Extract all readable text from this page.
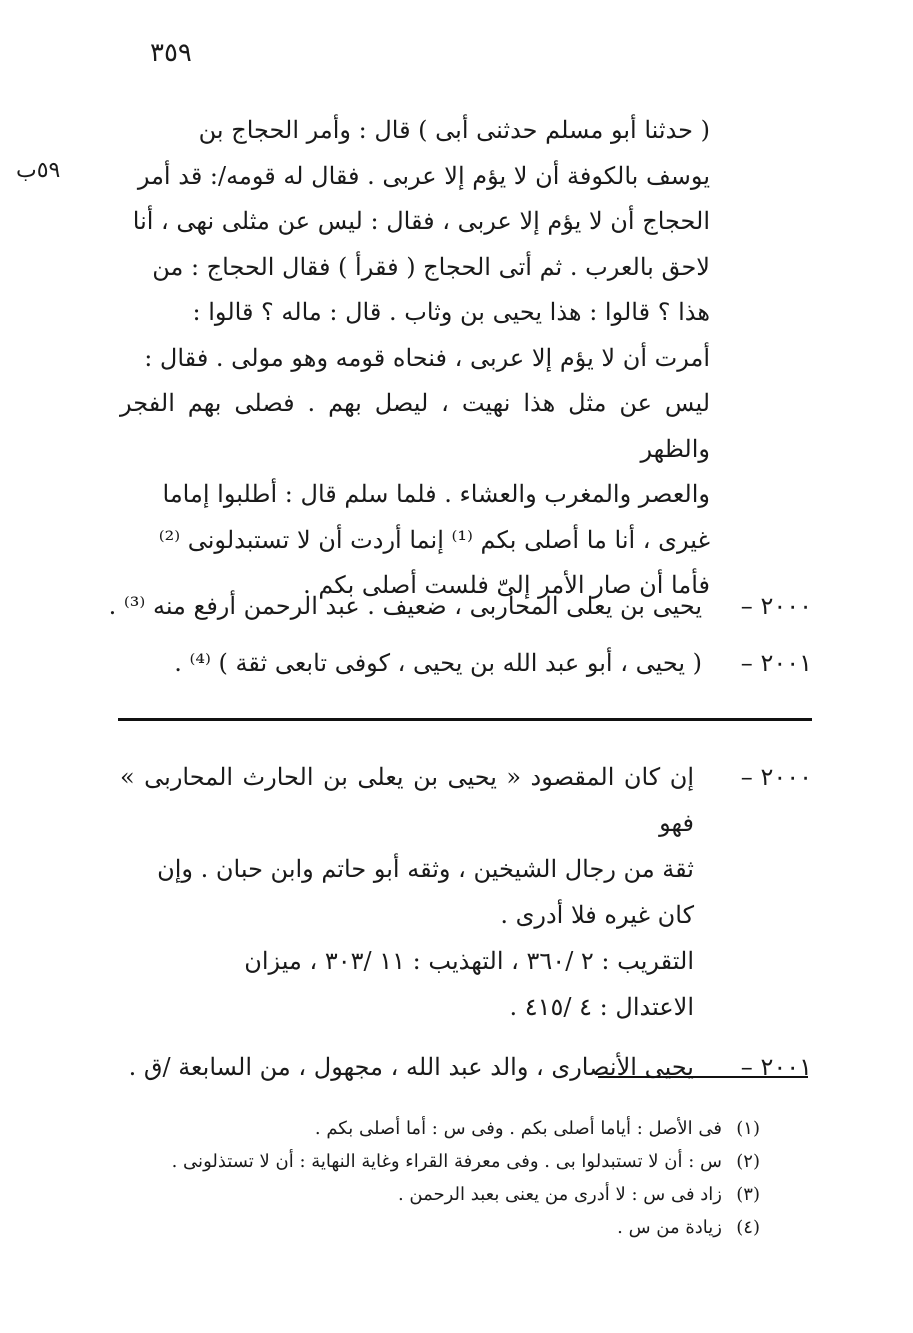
٣٥٩
٥٩ب
( حدثنا أبو مسلم حدثنى أبى ) قال : وأمر الحجاج بن
يوسف بالكوفة أن لا يؤم إلا عربى . فقال له قومه/: قد أمر
الحجاج أن لا يؤم إلا عربى ، فقال : ليس عن مثلى نهى ، أنا
لاحق بالعرب . ثم أتى الحجاج ( فقرأ ) فقال الحجاج : من
هذا ؟ قالوا : هذا يحيى بن وثاب . قال : ماله ؟ قالوا :
أمرت أن لا يؤم إلا عربى ، فنحاه قومه وهو مولى . فقال :
ليس عن مثل هذا نهيت ، ليصل بهم . فصلى بهم الفجر والظهر
والعصر والمغرب والعشاء . فلما سلم قال : أطلبوا إماما
غيرى ، أنا ما أصلى بكم ⁽¹⁾ إنما أردت أن لا تستبدلونى ⁽²⁾
فأما أن صار الأمر إلىّ فلست أصلى بكم .
٢٠٠٠ –يحيى بن يعلى المحاربى ، ضعيف . عبد الرحمن أرفع منه ⁽³⁾ .
٢٠٠١ –( يحيى ، أبو عبد الله بن يحيى ، كوفى تابعى ثقة ) ⁽⁴⁾ .
٢٠٠٠ –
إن كان المقصود « يحيى بن يعلى بن الحارث المحاربى » فهو
ثقة من رجال الشيخين ، وثقه أبو حاتم وابن حبان . وإن
كان غيره فلا أدرى .
التقريب : ٢ /٣٦٠ ، التهذيب : ١١ /٣٠٣ ، ميزان
الاعتدال : ٤ /٤١٥ .
٢٠٠١ –
يحيى الأنصارى ، والد عبد الله ، مجهول ، من السابعة /ق .
(١)فى الأصل : أياما أصلى بكم . وفى س : أما أصلى بكم .
(٢)س : أن لا تستبدلوا بى . وفى معرفة القراء وغاية النهاية : أن لا تستذلونى .
(٣)زاد فى س : لا أدرى من يعنى بعبد الرحمن .
(٤)زيادة من س .
